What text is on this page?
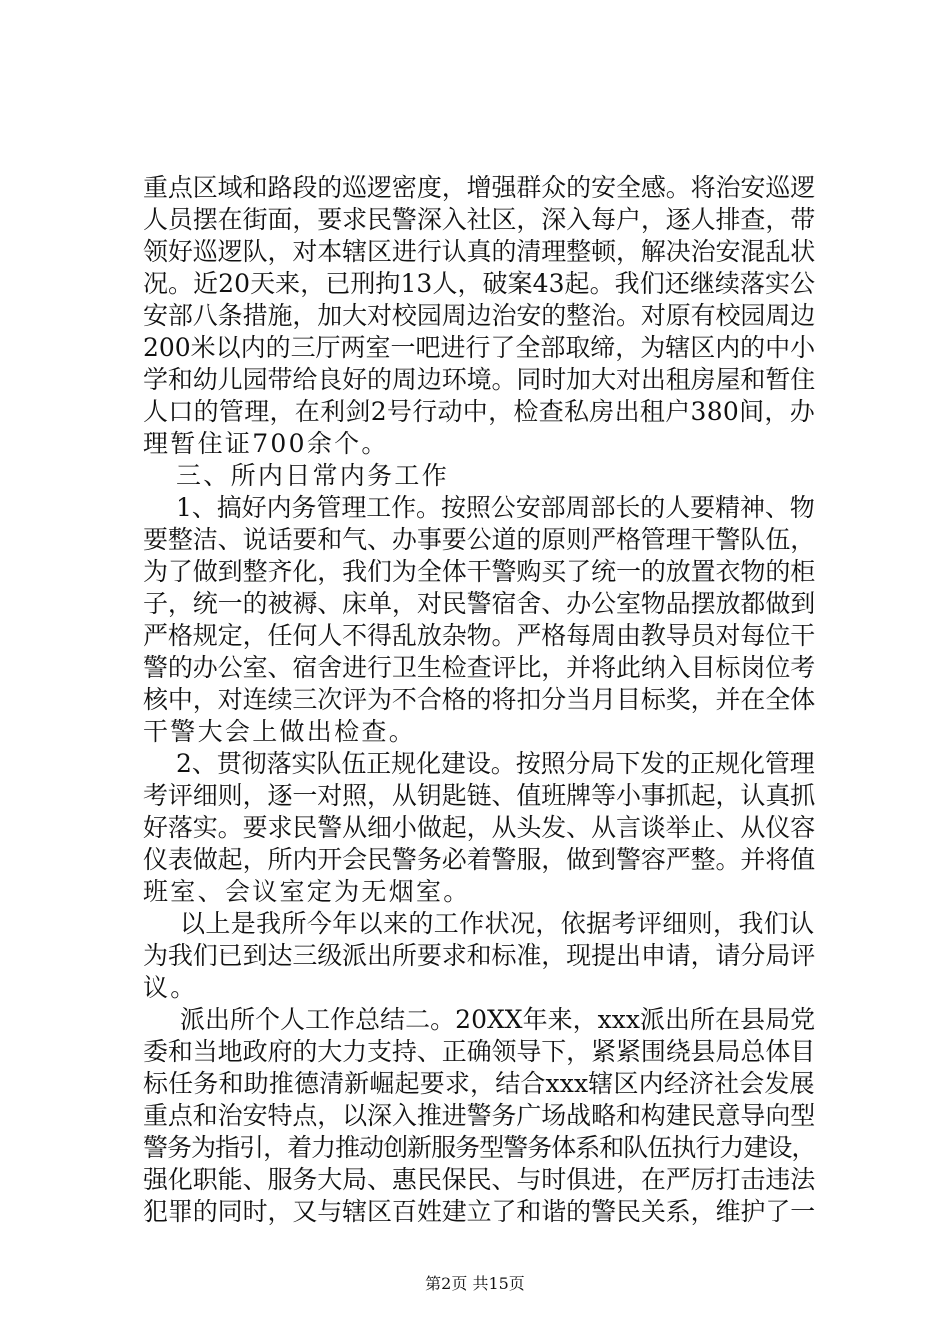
重点区域和路段的巡逻密度，增强群众的安全感。将治安巡逻
人员摆在街面，要求民警深入社区，深入每户，逐人排查，带
领好巡逻队，对本辖区进行认真的清理整顿，解决治安混乱状
况。近20天来，已刑拘13人，破案43起。我们还继续落实公
安部八条措施，加大对校园周边治安的整治。对原有校园周边
200米以内的三厅两室一吧进行了全部取缔，为辖区内的中小
学和幼儿园带给良好的周边环境。同时加大对出租房屋和暂住
人口的管理，在利剑2号行动中，检查私房出租户380间，办
理暂住证700余个。
三、所内日常内务工作
1、搞好内务管理工作。按照公安部周部长的人要精神、物
要整洁、说话要和气、办事要公道的原则严格管理干警队伍，
为了做到整齐化，我们为全体干警购买了统一的放置衣物的柜
子，统一的被褥、床单，对民警宿舍、办公室物品摆放都做到
严格规定，任何人不得乱放杂物。严格每周由教导员对每位干
警的办公室、宿舍进行卫生检查评比，并将此纳入目标岗位考
核中，对连续三次评为不合格的将扣分当月目标奖，并在全体
干警大会上做出检查。
2、贯彻落实队伍正规化建设。按照分局下发的正规化管理
考评细则，逐一对照，从钥匙链、值班牌等小事抓起，认真抓
好落实。要求民警从细小做起，从头发、从言谈举止、从仪容
仪表做起，所内开会民警务必着警服，做到警容严整。并将值
班室、会议室定为无烟室。
以上是我所今年以来的工作状况，依据考评细则，我们认
为我们已到达三级派出所要求和标准，现提出申请，请分局评
议。
派出所个人工作总结二。20XX年来，xxx派出所在县局党
委和当地政府的大力支持、正确领导下，紧紧围绕县局总体目
标任务和助推德清新崛起要求，结合xxx辖区内经济社会发展
重点和治安特点，以深入推进警务广场战略和构建民意导向型
警务为指引，着力推动创新服务型警务体系和队伍执行力建设，
强化职能、服务大局、惠民保民、与时俱进，在严厉打击违法
犯罪的同时，又与辖区百姓建立了和谐的警民关系，维护了一
第2页 共15页
